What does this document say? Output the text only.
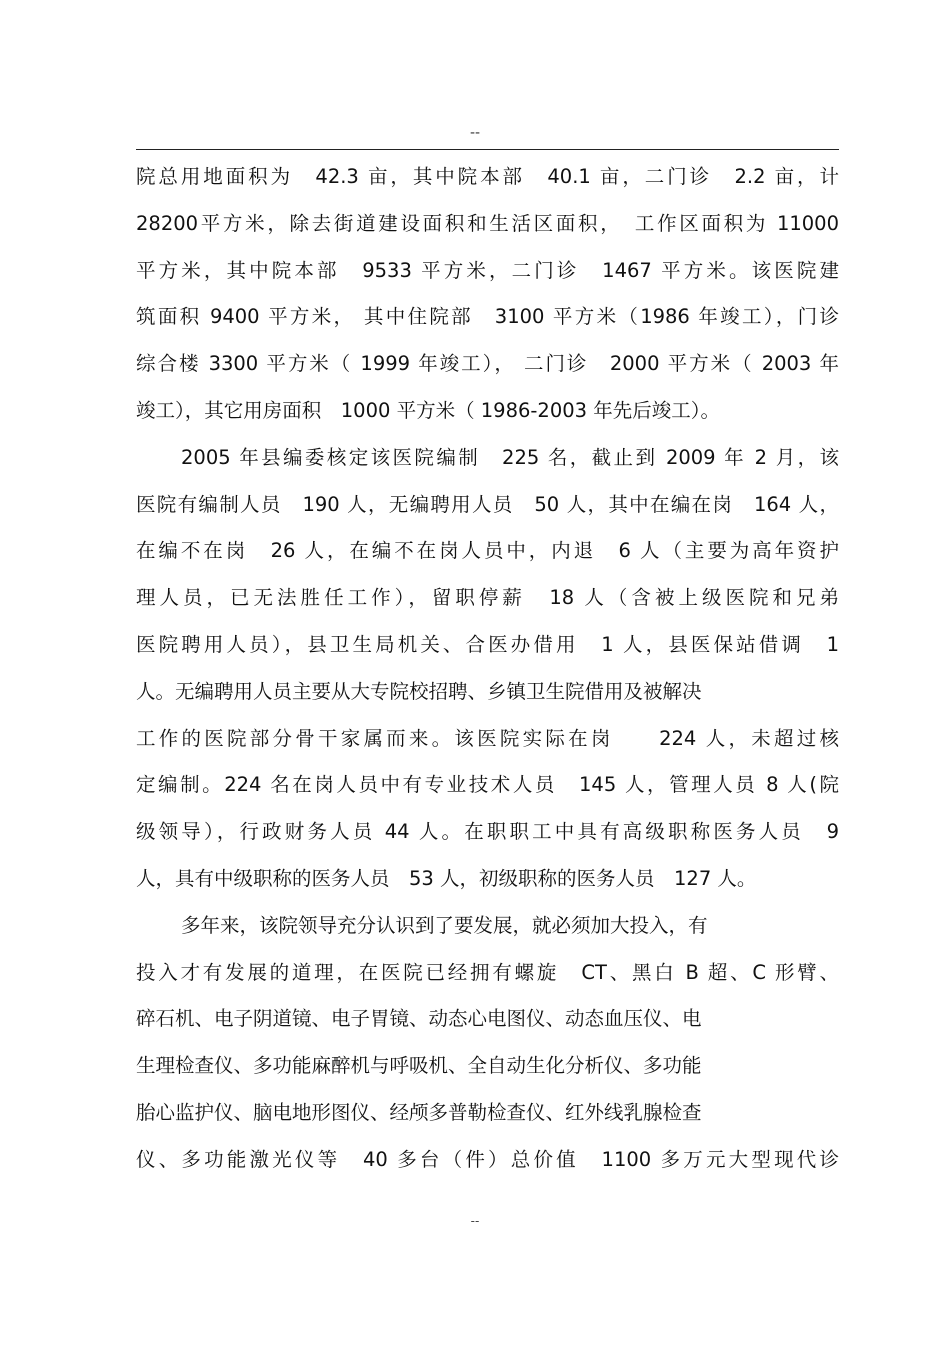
--
院总用地面积为　42.3 亩，其中院本部　40.1 亩，二门诊　2.2 亩，计
28200平方米，除去街道建设面积和生活区面积，　工作区面积为 11000
平方米，其中院本部　9533 平方米，二门诊　1467 平方米。该医院建
筑面积 9400 平方米， 其中住院部　3100 平方米（1986 年竣工），门诊
综合楼 3300 平方米（ 1999 年竣工）， 二门诊　2000 平方米（ 2003 年
竣工），其它用房面积　1000 平方米（ 1986-2003 年先后竣工）。
2005 年县编委核定该医院编制　225 名，截止到 2009 年 2 月，该
医院有编制人员　190 人，无编聘用人员　50 人，其中在编在岗　164 人，
在编不在岗　26 人，在编不在岗人员中，内退　6 人（主要为高年资护
理人员，已无法胜任工作），留职停薪　18 人（含被上级医院和兄弟
医院聘用人员），县卫生局机关、合医办借用　1 人，县医保站借调　1
人。无编聘用人员主要从大专院校招聘、乡镇卫生院借用及被解决
工作的医院部分骨干家属而来。该医院实际在岗　　224 人，未超过核
定编制。224 名在岗人员中有专业技术人员　145 人，管理人员 8 人(院
级领导），行政财务人员 44 人。在职职工中具有高级职称医务人员　9
人，具有中级职称的医务人员　53 人，初级职称的医务人员　127 人。
多年来，该院领导充分认识到了要发展，就必须加大投入，有
投入才有发展的道理，在医院已经拥有螺旋　CT、黑白 B 超、C 形臂、
碎石机、电子阴道镜、电子胃镜、动态心电图仪、动态血压仪、电
生理检查仪、多功能麻醉机与呼吸机、全自动生化分析仪、多功能
胎心监护仪、脑电地形图仪、经颅多普勒检查仪、红外线乳腺检查
仪、多功能激光仪等　40 多台（件）总价值　1100 多万元大型现代诊
--
